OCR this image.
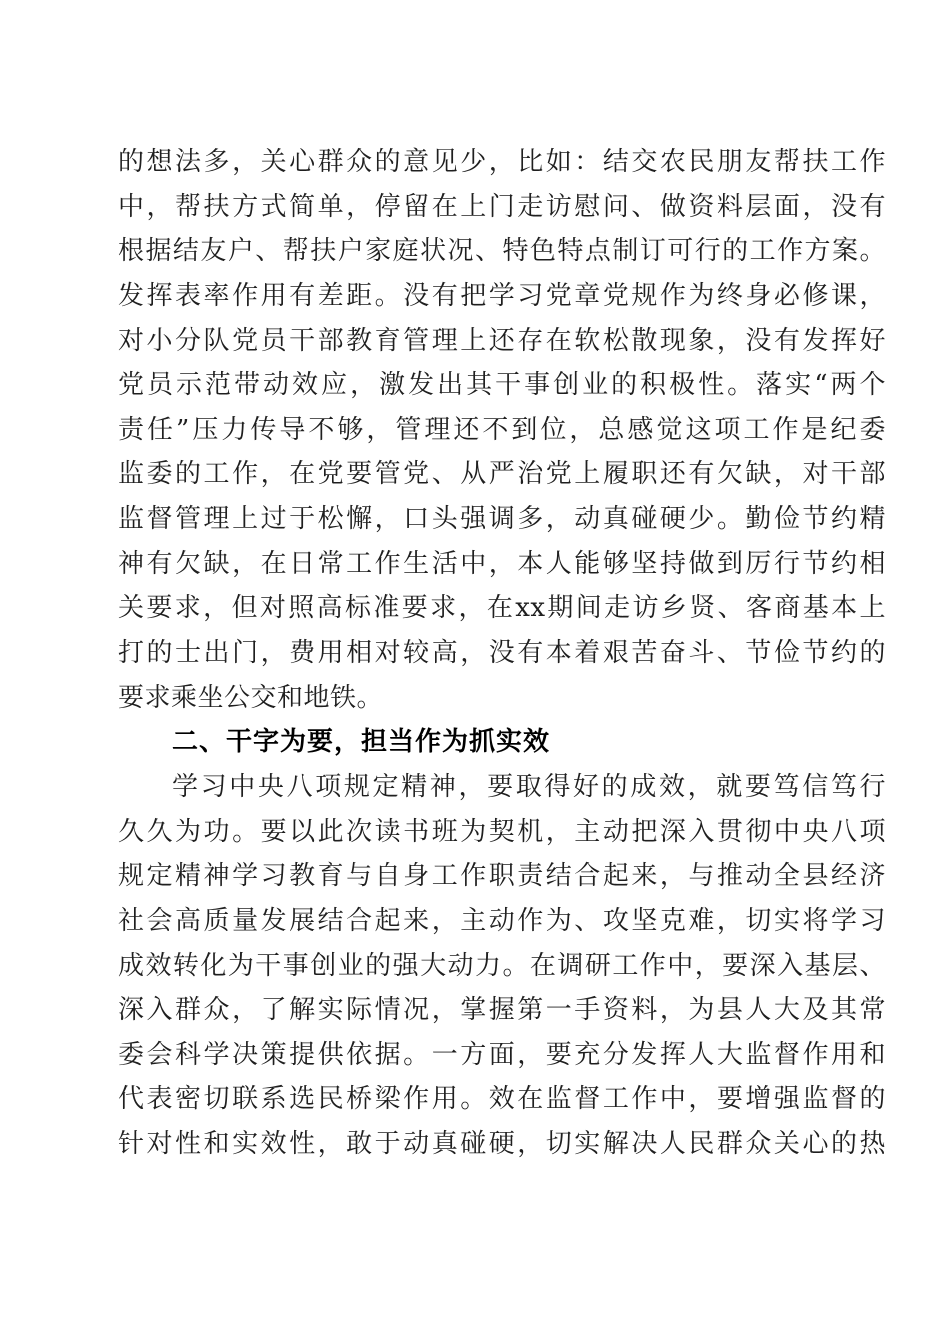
的想法多，关心群众的意见少，比如：结交农民朋友帮扶工作
中，帮扶方式简单，停留在上门走访慰问、做资料层面，没有
根据结友户、帮扶户家庭状况、特色特点制订可行的工作方案。
发挥表率作用有差距。没有把学习党章党规作为终身必修课，
对小分队党员干部教育管理上还存在软松散现象，没有发挥好
党员示范带动效应，激发出其干事创业的积极性。落实“两个
责任”压力传导不够，管理还不到位，总感觉这项工作是纪委
监委的工作，在党要管党、从严治党上履职还有欠缺，对干部
监督管理上过于松懈，口头强调多，动真碰硬少。勤俭节约精
神有欠缺，在日常工作生活中，本人能够坚持做到厉行节约相
关要求，但对照高标准要求，在xx期间走访乡贤、客商基本上
打的士出门，费用相对较高，没有本着艰苦奋斗、节俭节约的
要求乘坐公交和地铁。
二、干字为要，担当作为抓实效
学习中央八项规定精神，要取得好的成效，就要笃信笃行
久久为功。要以此次读书班为契机，主动把深入贯彻中央八项
规定精神学习教育与自身工作职责结合起来，与推动全县经济
社会高质量发展结合起来，主动作为、攻坚克难，切实将学习
成效转化为干事创业的强大动力。在调研工作中，要深入基层、
深入群众，了解实际情况，掌握第一手资料，为县人大及其常
委会科学决策提供依据。一方面，要充分发挥人大监督作用和
代表密切联系选民桥梁作用。效在监督工作中，要增强监督的
针对性和实效性，敢于动真碰硬，切实解决人民群众关心的热
